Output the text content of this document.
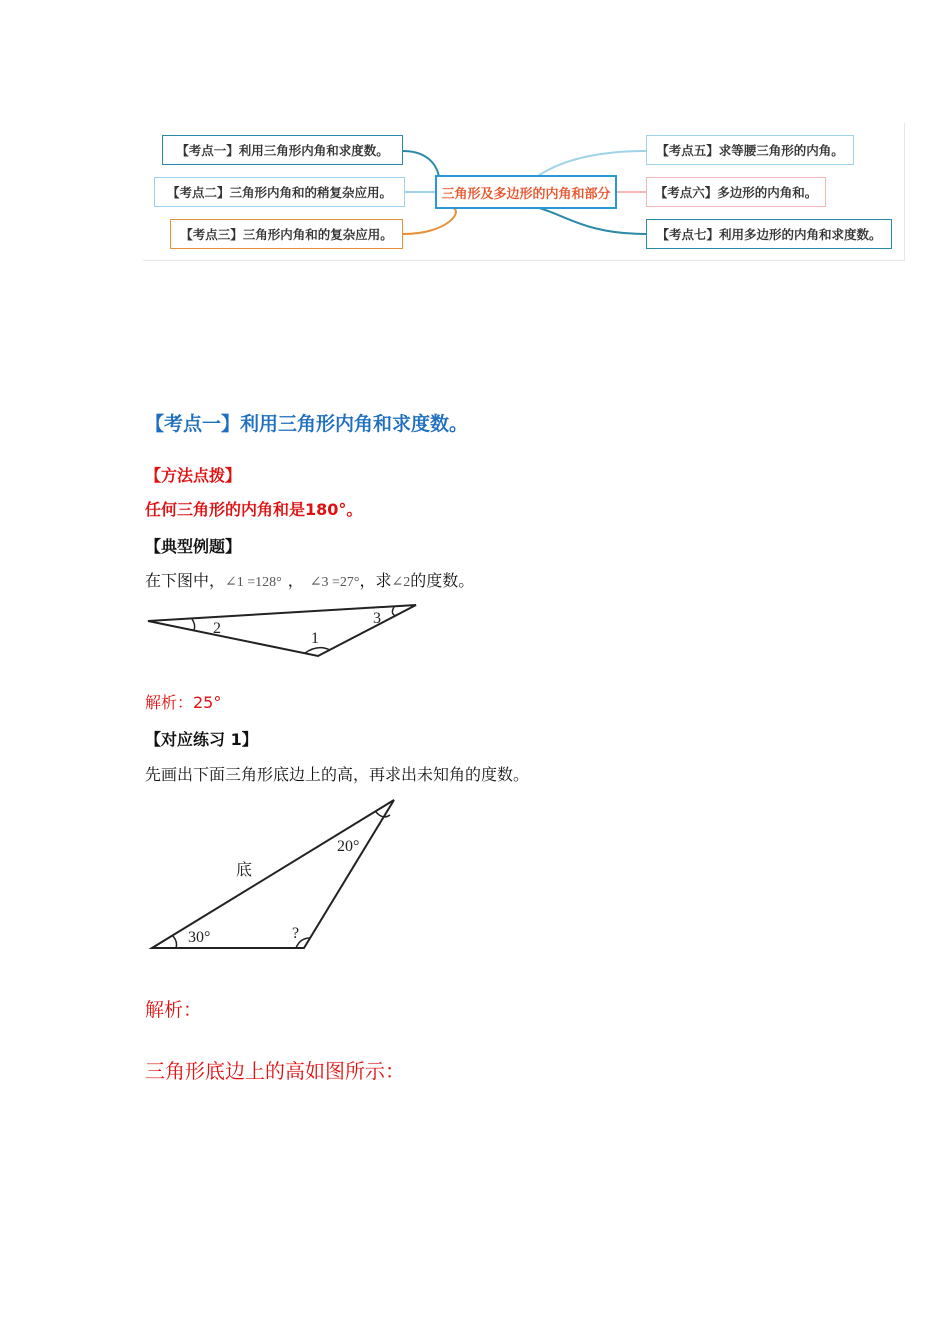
【考点一】利用三角形内角和求度数。
【考点二】三角形内角和的稍复杂应用。
【考点三】三角形内角和的复杂应用。
三角形及多边形的内角和部分
【考点五】求等腰三角形的内角。
【考点六】多边形的内角和。
【考点七】利用多边形的内角和求度数。
【考点一】利用三角形内角和求度数。
【方法点拨】
任何三角形的内角和是180°。
【典型例题】
在下图中， ∠1 =128° ， ∠3 =27° ，求 ∠2 的度数。
2
1
3
解析：25°
【对应练习 1】
先画出下面三角形底边上的高，再求出未知角的度数。
底
20°
30°	?
解析：
三角形底边上的高如图所示：
